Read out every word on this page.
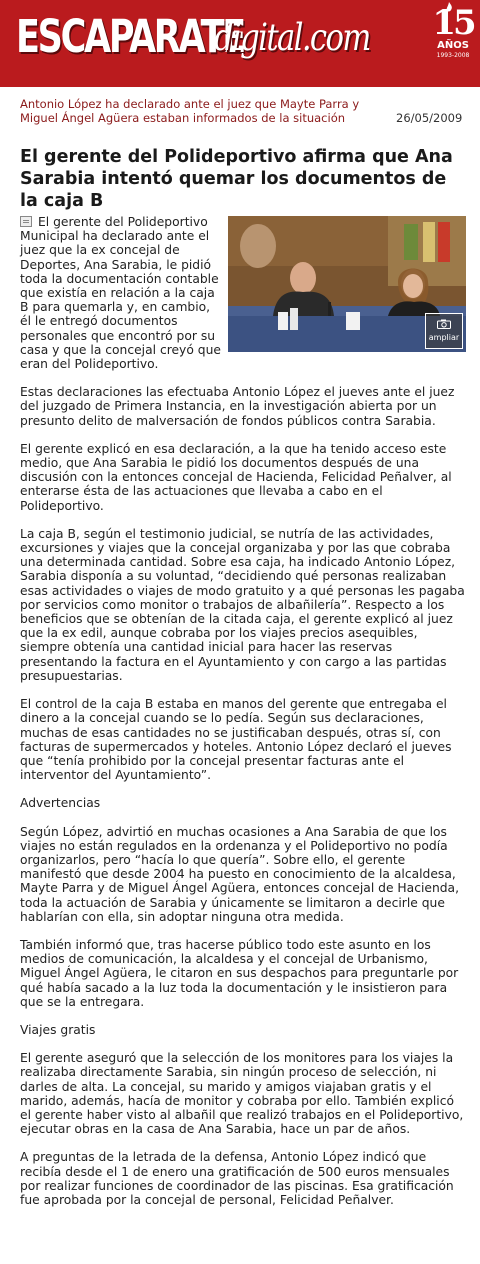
ESCAPARATE
digital.com 15
AÑOS
1993-2008
Antonio López ha declarado ante el juez que Mayte Parra y Miguel Ángel Agüera estaban informados de la situación	26/05/2009
El gerente del Polideportivo afirma que Ana Sarabia intentó quemar los documentos de la caja B
ampliar

El gerente del Polideportivo Municipal ha declarado ante el juez que la ex concejal de Deportes, Ana Sarabia, le pidió toda la documentación contable que existía en relación a la caja B para quemarla y, en cambio, él le entregó documentos personales que encontró por su casa y que la concejal creyó que eran del Polideportivo.

Estas declaraciones las efectuaba Antonio López el jueves ante el juez del juzgado de Primera Instancia, en la investigación abierta por un presunto delito de malversación de fondos públicos contra Sarabia.

El gerente explicó en esa declaración, a la que ha tenido acceso este medio, que Ana Sarabia le pidió los documentos después de una discusión con la entonces concejal de Hacienda, Felicidad Peñalver, al enterarse ésta de las actuaciones que llevaba a cabo en el Polideportivo.

La caja B, según el testimonio judicial, se nutría de las actividades, excursiones y viajes que la concejal organizaba y por las que cobraba una determinada cantidad. Sobre esa caja, ha indicado Antonio López, Sarabia disponía a su voluntad, “decidiendo qué personas realizaban esas actividades o viajes de modo gratuito y a qué personas les pagaba por servicios como monitor o trabajos de albañilería”. Respecto a los beneficios que se obtenían de la citada caja, el gerente explicó al juez que la ex edil, aunque cobraba por los viajes precios asequibles, siempre obtenía una cantidad inicial para hacer las reservas presentando la factura en el Ayuntamiento y con cargo a las partidas presupuestarias.

El control de la caja B estaba en manos del gerente que entregaba el dinero a la concejal cuando se lo pedía. Según sus declaraciones, muchas de esas cantidades no se justificaban después, otras sí, con facturas de supermercados y hoteles. Antonio López declaró el jueves que “tenía prohibido por la concejal presentar facturas ante el interventor del Ayuntamiento”.

Advertencias

Según López, advirtió en muchas ocasiones a Ana Sarabia de que los viajes no están regulados en la ordenanza y el Polideportivo no podía organizarlos, pero “hacía lo que quería”. Sobre ello, el gerente manifestó que desde 2004 ha puesto en conocimiento de la alcaldesa, Mayte Parra y de Miguel Ángel Agüera, entonces concejal de Hacienda, toda la actuación de Sarabia y únicamente se limitaron a decirle que hablarían con ella, sin adoptar ninguna otra medida.

También informó que, tras hacerse público todo este asunto en los medios de comunicación, la alcaldesa y el concejal de Urbanismo, Miguel Ángel Agüera, le citaron en sus despachos para preguntarle por qué había sacado a la luz toda la documentación y le insistieron para que se la entregara.

Viajes gratis

El gerente aseguró que la selección de los monitores para los viajes la realizaba directamente Sarabia, sin ningún proceso de selección, ni darles de alta. La concejal, su marido y amigos viajaban gratis y el marido, además, hacía de monitor y cobraba por ello. También explicó el gerente haber visto al albañil que realizó trabajos en el Polideportivo, ejecutar obras en la casa de Ana Sarabia, hace un par de años.

A preguntas de la letrada de la defensa, Antonio López indicó que recibía desde el 1 de enero una gratificación de 500 euros mensuales por realizar funciones de coordinador de las piscinas. Esa gratificación fue aprobada por la concejal de personal, Felicidad Peñalver.
